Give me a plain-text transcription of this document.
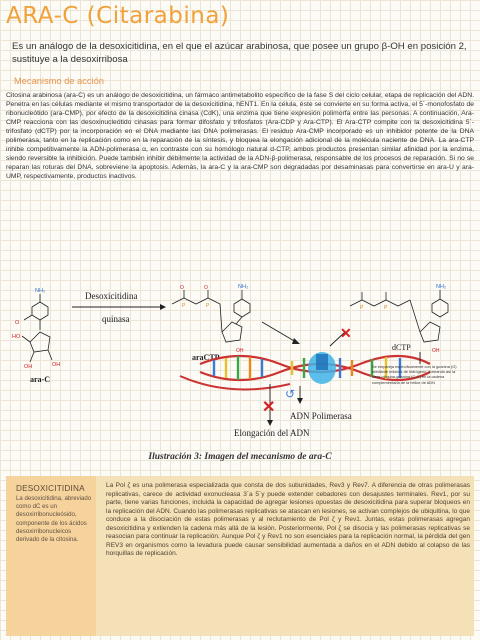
ARA-C (Citarabina)
Es un análogo de la desoxicitidina, en el que el azúcar arabinosa, que posee un grupo β-OH en posición 2, sustituye a la desoxirribosa
Mecanismo de acción
Citosina arabinosa (ara-C) es un análogo de desoxicitidina, un fármaco antimetabolito específico de la fase S del ciclo celular, etapa de replicación del ADN. Penetra en las células mediante el mismo transportador de la desoxicitidina, hENT1. En la célula, éste se convierte en su forma activa, el 5´-monofosfato de ribonucleótido (ara-CMP), por efecto de la desoxicitidina cinasa (CdK), una enzima que tiene expresión polimorfa entre las personas. A continuación, Ara-CMP reacciona con las desoxinucleótido cinasas para formar difosfato y trifosfatos (Ara-CDP y Ara-CTP). El Ara-CTP compite con la desoxicitidina 5´-trifosfato (dCTP) por la incorporación en el DNA mediante las DNA polimerasas. El residuo Ara-CMP incorporado es un inhibidor potente de la DNA polimerasa, tanto en la replicación como en la reparación de la síntesis, y bloquea la elongación adicional de la molécula naciente de DNA. La ara-CTP inhibe competitivamente la ADN-polimerasa α, en contraste con su homólogo natural d-CTP, ambos productos presentan similar afinidad por la enzima, siendo reversible la inhibición. Puede también inhibir débilmente la actividad de la ADN-β-polimerasa, responsable de los procesos de reparación. Si no se reparan las roturas del DNA, sobreviene la apoptosis. Además, la ara-C y la ara-CMP son degradadas por desaminasas para convertirse en ara-U y ara-UMP, respectivamente, productos inactivos.
NH₂
O
HO
OH	OH
ara-C
Desoxicitidina
quinasa
NH₂
O	O
P	P
OH
araCTP
NH₂
P	P
OH
dCTP
✕
↺
ADN Polimerasa
✕
Elongación del ADN
Se empareja específicamente con la guanina (G) mediante enlaces de hidrógeno, formando así la base cítosina-guanina (C-G) en la cadena complementaria de la hélice de ADN
Ilustración 3: Imagen del mecanismo de ara-C
DESOXICITIDINA
La desoxicitidina, abreviado como dC es un desoxirribonucleósido, componente de los ácidos desoxirribonucleicos derivado de la citosina.
La Pol ζ es una polimerasa especializada que consta de dos subunidades, Rev3 y Rev7. A diferencia de otras polimerasas replicativas, carece de actividad exonucleasa 3´a 5´y puede extender cebadores con desajustes terminales. Rev1, por su parte, tiene varias funciones, incluida la capacidad de agregar lesiones opuestas de desoxicitidina para superar bloqueos en la replicación del ADN. Cuando las polimerasas replicativas se atascan en lesiones, se activan complejos de ubiquitina, lo que conduce a la disociación de estas polimerasas y al reclutamiento de Pol ζ y Rev1. Juntas, estas polimerasas agregan desoxicitidina y extienden la cadena más allá de la lesión. Posteriormente, Pol ζ se disocia y las polimerasas replicativas se reasocian para continuar la replicación. Aunque Pol ζ y Rev1 no son esenciales para la replicación normal, la pérdida del gen REV3 en organismos como la levadura puede causar sensibilidad aumentada a daños en el ADN debido al colapso de las horquillas de replicación.
